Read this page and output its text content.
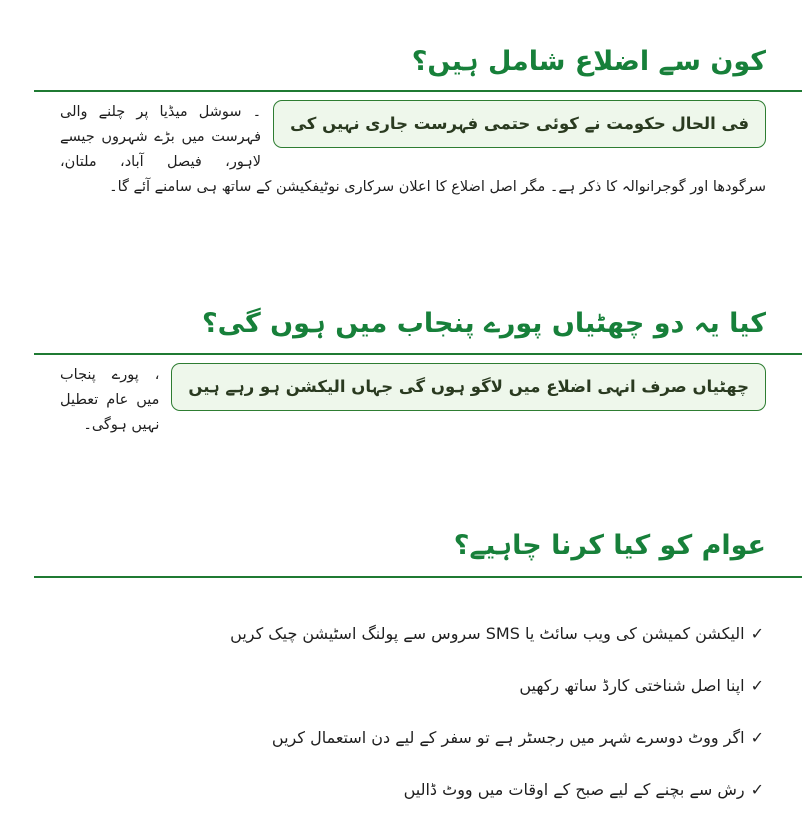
کون سے اضلاع شامل ہیں؟
فی الحال حکومت نے کوئی حتمی فہرست جاری نہیں کی
۔ سوشل میڈیا پر چلنے والی فہرست میں بڑے شہروں جیسے لاہور، فیصل آباد، ملتان، سرگودھا اور گوجرانوالہ کا ذکر ہے۔ مگر اصل اضلاع کا اعلان سرکاری نوٹیفکیشن کے ساتھ ہی سامنے آئے گا۔
کیا یہ دو چھٹیاں پورے پنجاب میں ہوں گی؟
چھٹیاں صرف انہی اضلاع میں لاگو ہوں گی جہاں الیکشن ہو رہے ہیں
، پورے پنجاب میں عام تعطیل نہیں ہوگی۔
عوام کو کیا کرنا چاہیے؟
✓الیکشن کمیشن کی ویب سائٹ یا SMS سروس سے پولنگ اسٹیشن چیک کریں
✓اپنا اصل شناختی کارڈ ساتھ رکھیں
✓اگر ووٹ دوسرے شہر میں رجسٹر ہے تو سفر کے لیے دن استعمال کریں
✓رش سے بچنے کے لیے صبح کے اوقات میں ووٹ ڈالیں
